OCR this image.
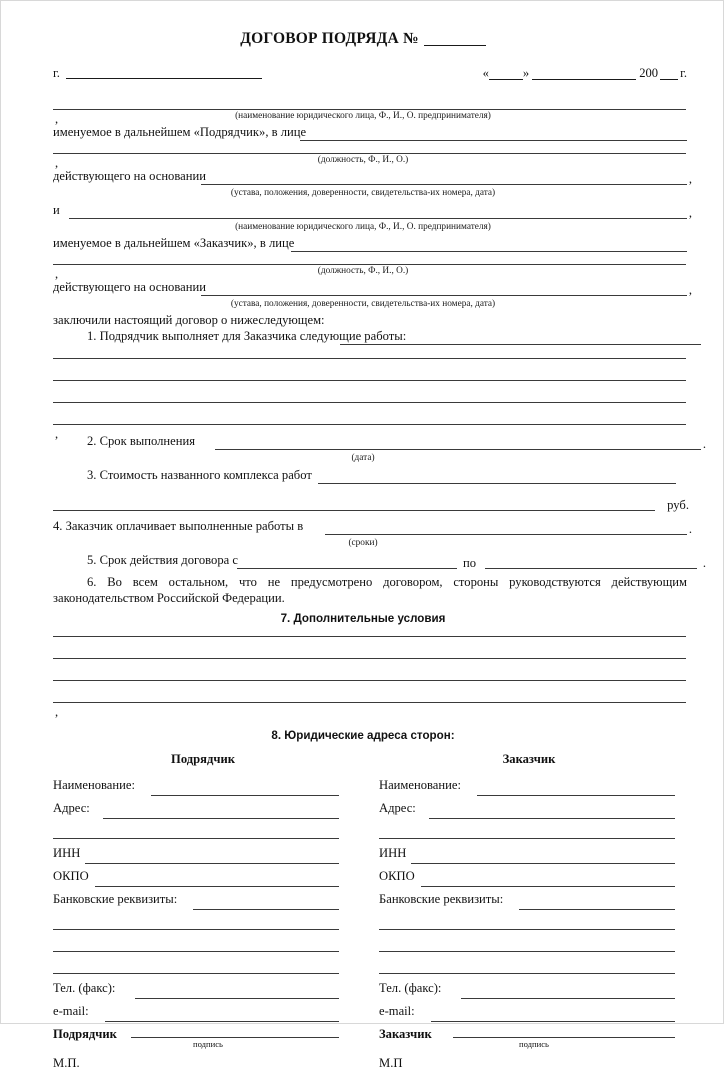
ДОГОВОР ПОДРЯДА №
г.	«	»	200 г.
,
(наименование юридического лица, Ф., И., О. предпринимателя)
именуемое в дальнейшем «Подрядчик», в лице
,
(должность, Ф., И., О.)
действующего на основании	,
(устава, положения, доверенности, свидетельства-их номера, дата)
и	,
(наименование юридического лица, Ф., И., О. предпринимателя)
именуемое в дальнейшем «Заказчик», в лице
,
(должность, Ф., И., О.)
действующего на основании	,
(устава, положения, доверенности, свидетельства-их номера, дата)
заключили настоящий договор о нижеследующем:
1. Подрядчик выполняет для Заказчика следующие работы:
,
2. Срок выполнения	.
(дата)
3. Стоимость названного комплекса работ
руб.
4. Заказчик оплачивает выполненные работы в	.
(сроки)
5. Срок действия договора с	по	.
6. Во всем остальном, что не предусмотрено договором, стороны руководствуются действующим законодательством Российской Федерации.
7. Дополнительные условия
,
8. Юридические адреса сторон:
Подрядчик
Наименование:
Адрес:
ИНН
ОКПО
Банковские реквизиты:
Тел. (факс):
e-mail:
Подрядчик
подпись
М.П.
Заказчик
Наименование:
Адрес:
ИНН
ОКПО
Банковские реквизиты:
Тел. (факс):
e-mail:
Заказчик
подпись
М.П
